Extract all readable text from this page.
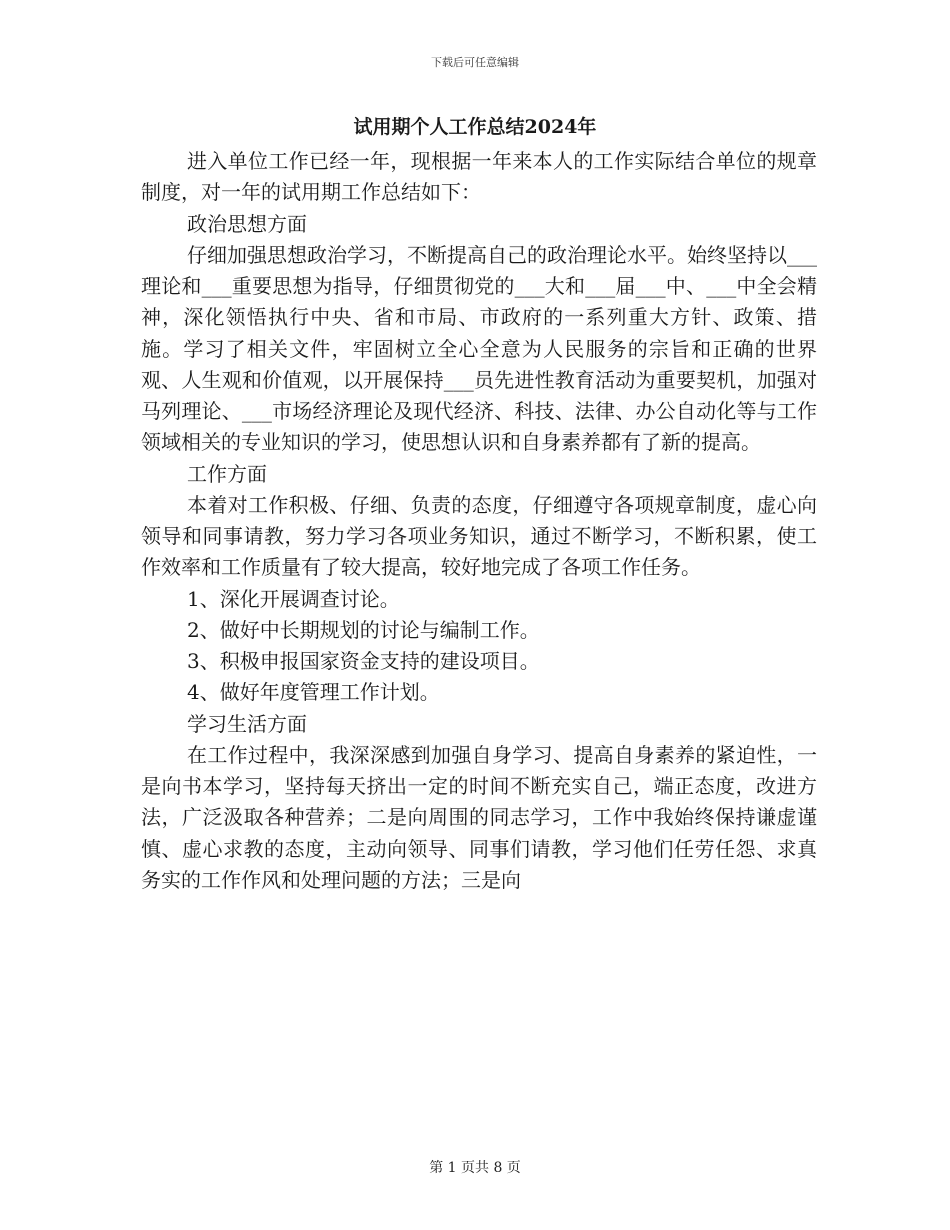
下载后可任意编辑
试用期个人工作总结2024年

进入单位工作已经一年，现根据一年来本人的工作实际结合单位的规章制度，对一年的试用期工作总结如下：

政治思想方面

仔细加强思想政治学习，不断提高自己的政治理论水平。始终坚持以___理论和___重要思想为指导，仔细贯彻党的___大和___届___中、___中全会精神，深化领悟执行中央、省和市局、市政府的一系列重大方针、政策、措施。学习了相关文件，牢固树立全心全意为人民服务的宗旨和正确的世界观、人生观和价值观，以开展保持___员先进性教育活动为重要契机，加强对马列理论、___市场经济理论及现代经济、科技、法律、办公自动化等与工作领域相关的专业知识的学习，使思想认识和自身素养都有了新的提高。

工作方面

本着对工作积极、仔细、负责的态度，仔细遵守各项规章制度，虚心向领导和同事请教，努力学习各项业务知识，通过不断学习，不断积累，使工作效率和工作质量有了较大提高，较好地完成了各项工作任务。

1、深化开展调查讨论。

2、做好中长期规划的讨论与编制工作。

3、积极申报国家资金支持的建设项目。

4、做好年度管理工作计划。

学习生活方面

在工作过程中，我深深感到加强自身学习、提高自身素养的紧迫性，一是向书本学习，坚持每天挤出一定的时间不断充实自己，端正态度，改进方法，广泛汲取各种营养；二是向周围的同志学习，工作中我始终保持谦虚谨慎、虚心求教的态度，主动向领导、同事们请教，学习他们任劳任怨、求真务实的工作作风和处理问题的方法；三是向

第 1 页共 8 页
